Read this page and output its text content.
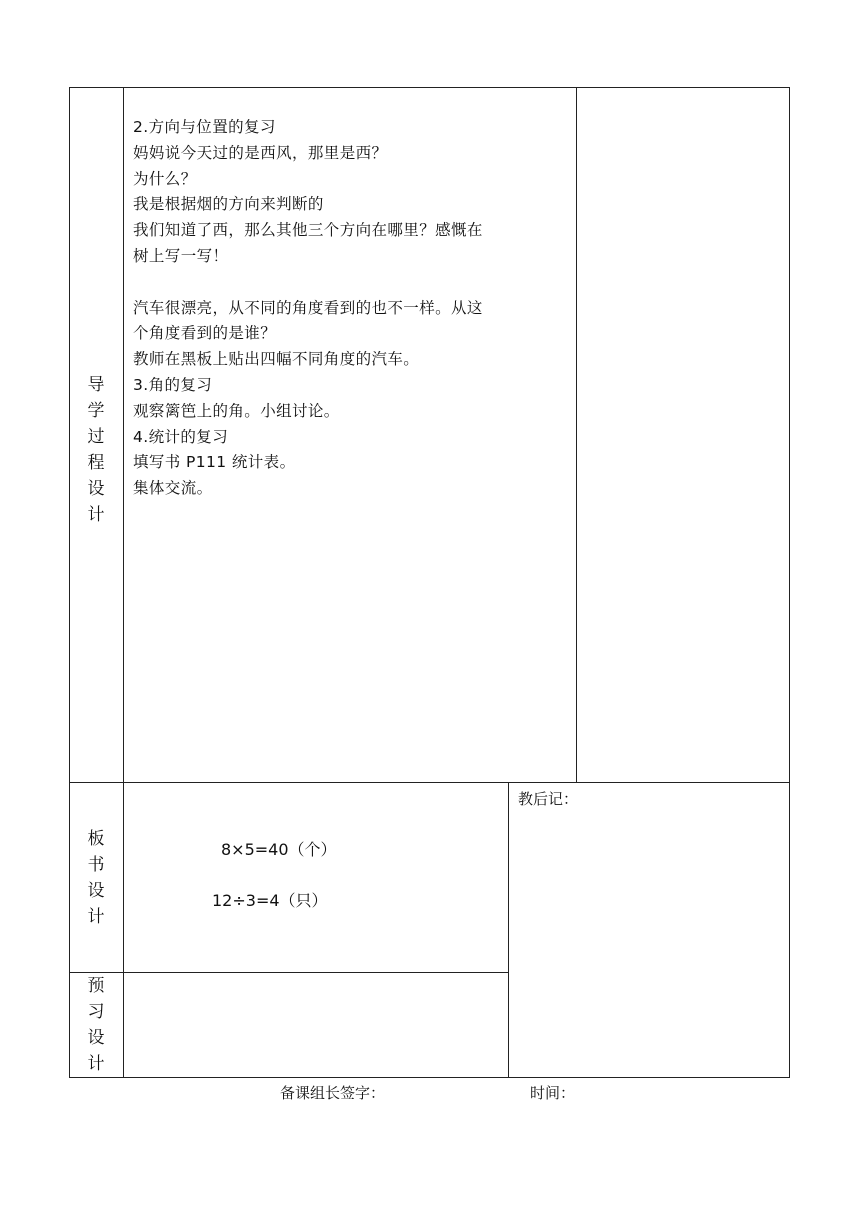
导
学
过
程
设
计

2.方向与位置的复习

妈妈说今天过的是西风，那里是西？

为什么？

我是根据烟的方向来判断的

我们知道了西，那么其他三个方向在哪里？感慨在

树上写一写！

汽车很漂亮，从不同的角度看到的也不一样。从这

个角度看到的是谁？

教师在黑板上贴出四幅不同角度的汽车。

3.角的复习

观察篱笆上的角。小组讨论。

4.统计的复习

填写书 P111 统计表。

集体交流。

板
书
设
计
8×5=40（个）
12÷3=4（只）
教后记：
预
习
设
计
备课组长签字：	时间：
